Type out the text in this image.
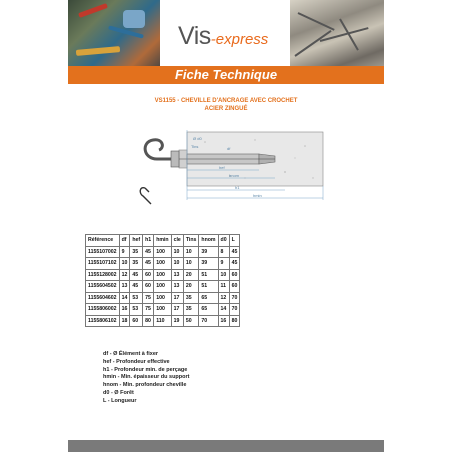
Vis-express
Fiche Technique
VS1155 - CHEVILLE D'ANCRAGE AVEC CROCHET
ACIER ZINGUÉ
Ø d0
Tins	df
hef
hnom
h1
hmin
Référence	df	hef	h1	hmin	cle	Tins	hnom	d0	L
1155107002	9	35	45	100	10	10	39	8	45
1155107102	10	35	45	100	10	10	39	9	45
1155128002	12	45	60	100	13	20	51	10	60
1155604502	13	45	60	100	13	20	51	11	60
1155604602	14	53	75	100	17	35	65	12	70
1155806002	16	53	75	100	17	35	65	14	70
1155806102	18	60	80	110	19	50	70	16	80
df - Ø Élément à fixer
hef - Profondeur effective
h1 - Profondeur min. de perçage
hmin - Min. épaisseur du support
hnom - Min. profondeur cheville
d0 - Ø Forêt
L - Longueur
